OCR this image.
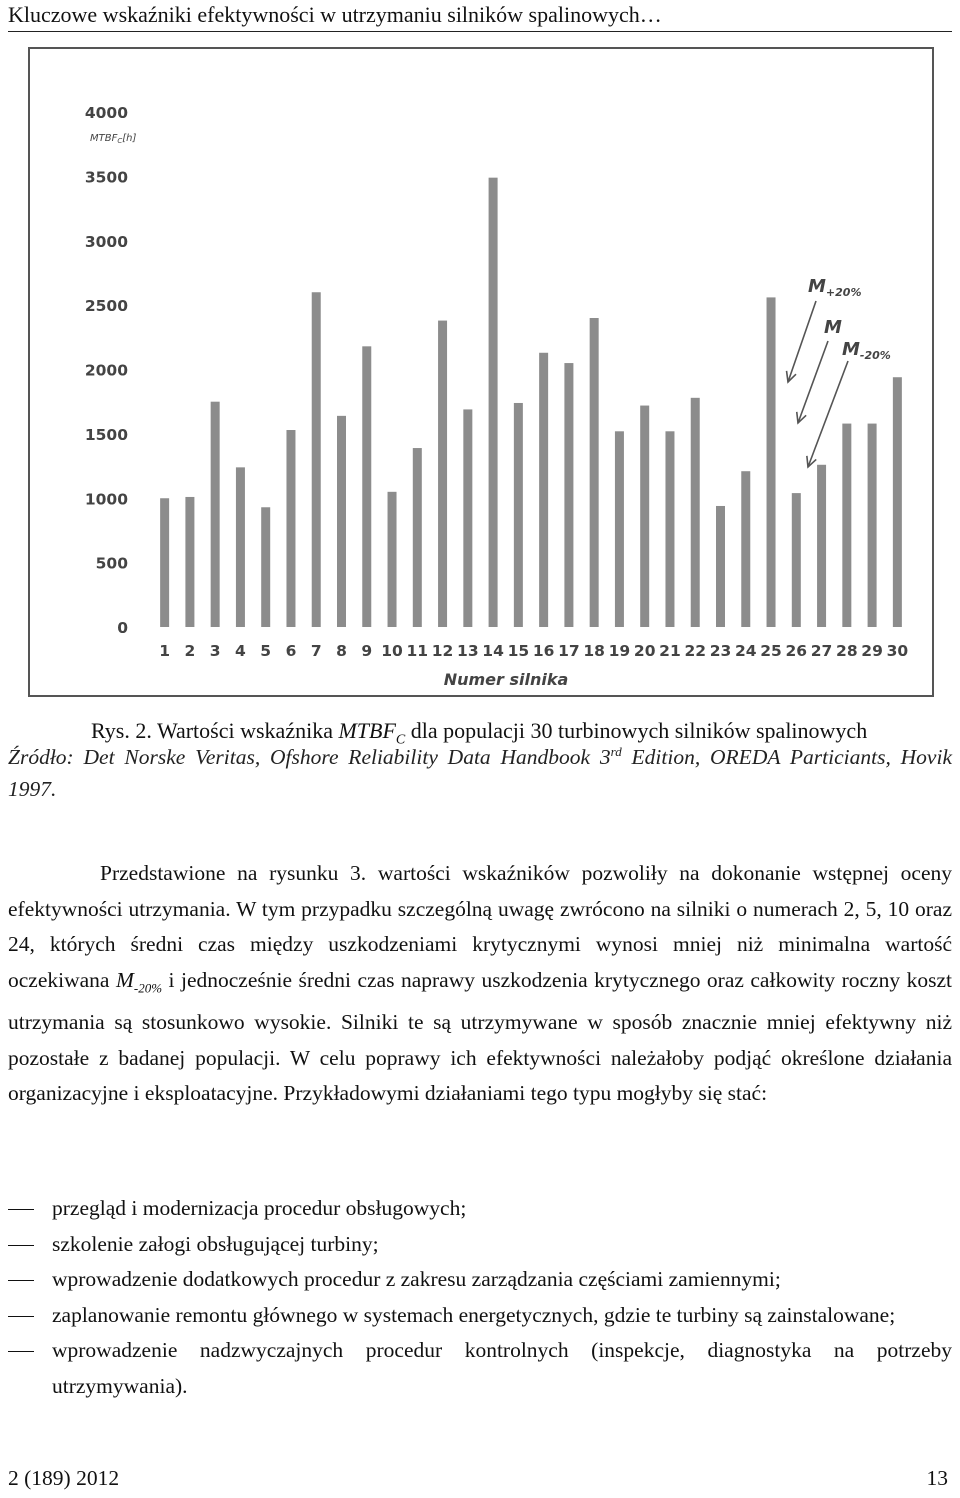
Kluczowe wskaźniki efektywności w utrzymaniu silników spalinowych…
0
500
1000
1500
2000
2500
3000
3500
4000
$MTBF_C[h]$
1 2 3 4 5 6 7 8 9 10 11 12 13 14 15 16 17 18 19 20 21 22 23 24 25 26 27 28 29 30
Numer silnika
$M_{+20\%}$
M
$M_{-20\%}$
Rys. 2. Wartości wskaźnika $MTBF_C$ dla populacji 30 turbinowych silników spalinowych
Źródło: Det Norske Veritas, Ofshore Reliability Data Handbook 3rd Edition, OREDA Particiants, Hovik 1997.

Przedstawione na rysunku 3. wartości wskaźników pozwoliły na dokonanie wstępnej oceny efektywności utrzymania. W tym przypadku szczególną uwagę zwrócono na silniki o numerach 2, 5, 10 oraz 24, których średni czas między uszkodzeniami krytycznymi wynosi mniej niż minimalna wartość oczekiwana $M_{-20\%}$ i jednocześnie średni czas naprawy uszkodzenia krytycznego oraz całkowity roczny koszt utrzymania są stosunkowo wysokie. Silniki te są utrzymywane w sposób znacznie mniej efektywny niż pozostałe z badanej populacji. W celu poprawy ich efektywności należałoby podjąć określone działania organizacyjne i eksploatacyjne. Przykładowymi działaniami tego typu mogłyby się stać:

przegląd i modernizacja procedur obsługowych;
szkolenie załogi obsługującej turbiny;
wprowadzenie dodatkowych procedur z zakresu zarządzania częściami zamiennymi;
zaplanowanie remontu głównego w systemach energetycznych, gdzie te turbiny są zainstalowane;
wprowadzenie nadzwyczajnych procedur kontrolnych (inspekcje, diagnostyka na potrzeby utrzymywania).
2 (189) 2012	13
